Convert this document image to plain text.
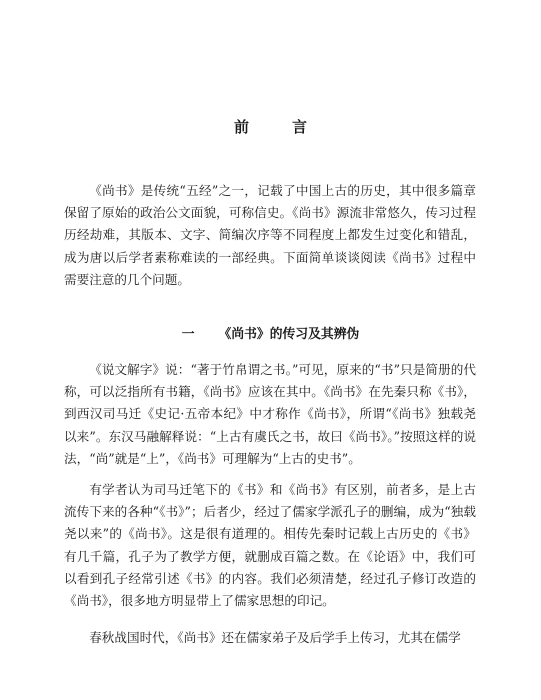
前　言

《尚书》是传统“五经”之一，记载了中国上古的历史，其中很多篇章保留了原始的政治公文面貌，可称信史。《尚书》源流非常悠久，传习过程历经劫难，其版本、文字、简编次序等不同程度上都发生过变化和错乱，成为唐以后学者素称难读的一部经典。下面简单谈谈阅读《尚书》过程中需要注意的几个问题。

一 《尚书》的传习及其辨伪

《说文解字》说：“著于竹帛谓之书。”可见，原来的“书”只是简册的代称，可以泛指所有书籍，《尚书》应该在其中。《尚书》在先秦只称《书》，到西汉司马迁《史记·五帝本纪》中才称作《尚书》，所谓“《尚书》独载尧以来”。东汉马融解释说：“上古有虞氏之书，故曰《尚书》。”按照这样的说法，“尚”就是“上”，《尚书》可理解为“上古的史书”。

有学者认为司马迁笔下的《书》和《尚书》有区别，前者多，是上古流传下来的各种“《书》”；后者少，经过了儒家学派孔子的删编，成为“独载尧以来”的《尚书》。这是很有道理的。相传先秦时记载上古历史的《书》有几千篇，孔子为了教学方便，就删成百篇之数。在《论语》中，我们可以看到孔子经常引述《书》的内容。我们必须清楚，经过孔子修订改造的《尚书》，很多地方明显带上了儒家思想的印记。

春秋战国时代，《尚书》还在儒家弟子及后学手上传习，尤其在儒学
